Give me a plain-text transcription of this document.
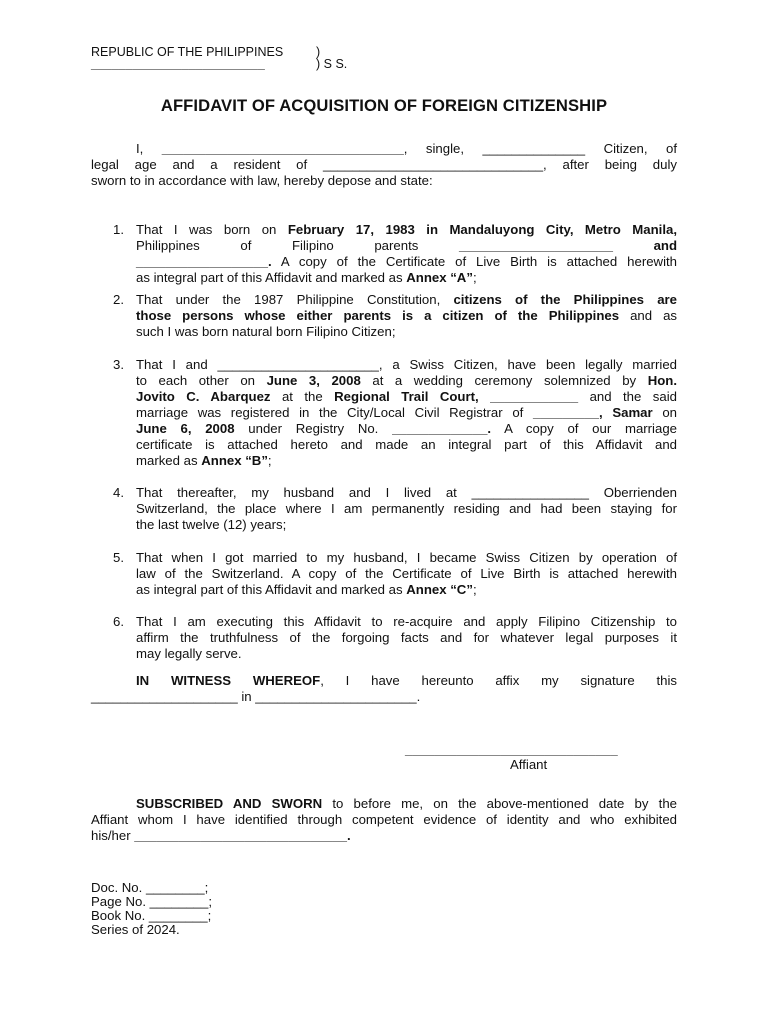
REPUBLIC OF THE PHILIPPINES	)
_________________________	) S S.
AFFIDAVIT OF ACQUISITION OF FOREIGN CITIZENSHIP
I, _________________________________, single, ______________ Citizen, of
legal age and a resident of ______________________________, after being duly
sworn to in accordance with law, hereby depose and state:
1. That I was born on February 17, 1983 in Mandaluyong City, Metro Manila,
Philippines	of	Filipino	parents	_____________________	and
__________________. A copy of the Certificate of Live Birth is attached herewith
as integral part of this Affidavit and marked as Annex “A”;
2. That under the 1987 Philippine Constitution, citizens of the Philippines are
those persons whose either parents is a citizen of the Philippines and as
such I was born natural born Filipino Citizen;
3. That I and ______________________, a Swiss Citizen, have been legally married
to each other on June 3, 2008 at a wedding ceremony solemnized by Hon.
Jovito C. Abarquez at the Regional Trail Court, ____________ and the said
marriage was registered in the City/Local Civil Registrar of _________, Samar on
June 6, 2008 under Registry No. _____________. A copy of our marriage
certificate is attached hereto and made an integral part of this Affidavit and
marked as Annex “B”;
4. That thereafter, my husband and I lived at ________________ Oberrienden
Switzerland, the place where I am permanently residing and had been staying for
the last twelve (12) years;
5. That when I got married to my husband, I became Swiss Citizen by operation of
law of the Switzerland. A copy of the Certificate of Live Birth is attached herewith
as integral part of this Affidavit and marked as Annex “C”;
6. That I am executing this Affidavit to re-acquire and apply Filipino Citizenship to
affirm the truthfulness of the forgoing facts and for whatever legal purposes it
may legally serve.
IN WITNESS WHEREOF, I have hereunto affix my signature this
____________________ in ______________________.
_____________________________
Affiant
SUBSCRIBED AND SWORN to before me, on the above-mentioned date by the
Affiant whom I have identified through competent evidence of identity and who exhibited
his/her _____________________________.
Doc. No. ________;
Page No. ________;
Book No. ________;
Series of 2024.
